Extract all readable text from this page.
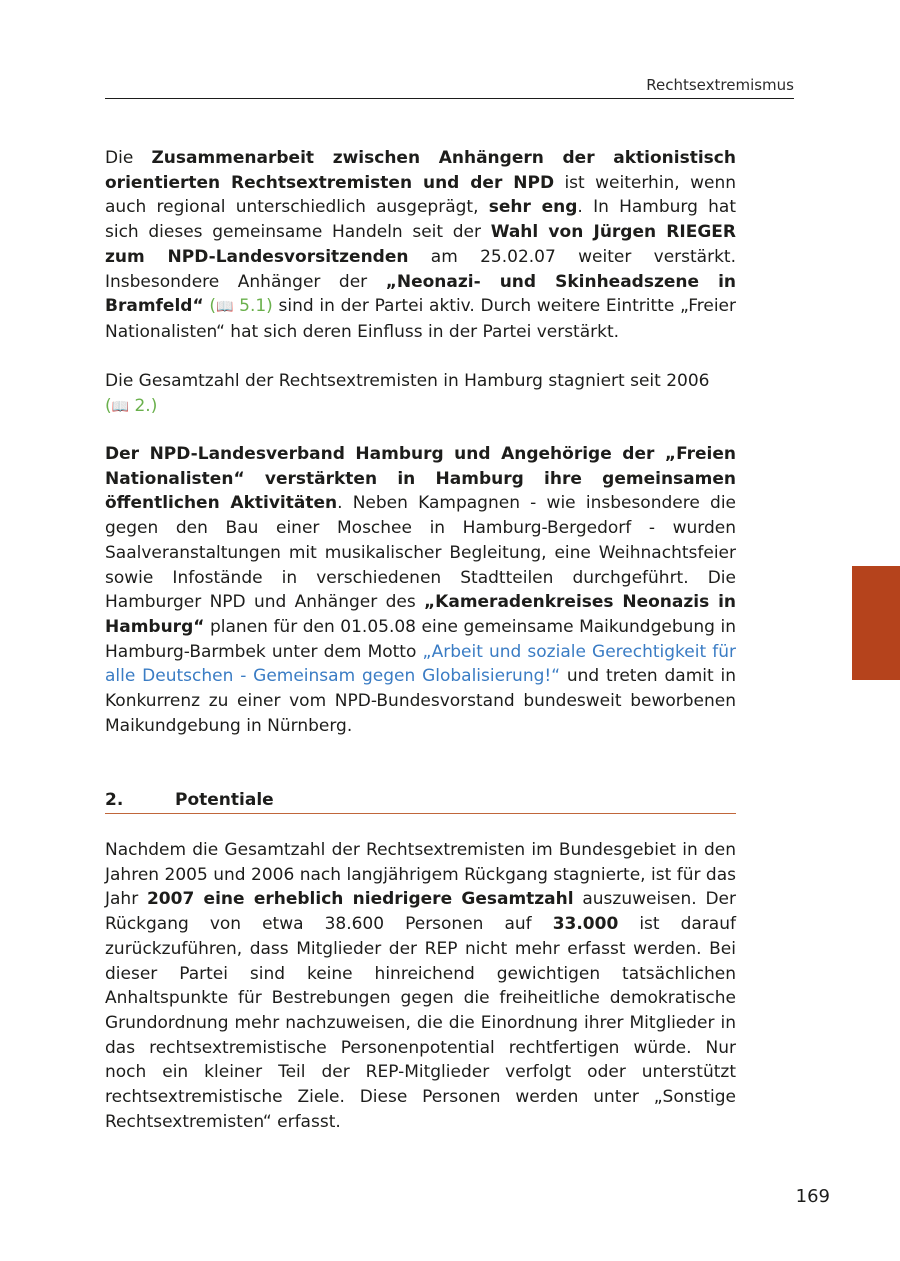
Rechtsextremismus
Die Zusammenarbeit zwischen Anhängern der aktionistisch orientierten Rechtsextremisten und der NPD ist weiterhin, wenn auch regional unterschiedlich ausgeprägt, sehr eng. In Hamburg hat sich dieses gemeinsame Handeln seit der Wahl von Jürgen RIEGER zum NPD-Landesvorsitzenden am 25.02.07 weiter verstärkt. Insbesondere Anhänger der „Neonazi- und Skinheadszene in Bramfeld“ (📖 5.1) sind in der Partei aktiv. Durch weitere Eintritte „Freier Nationalisten“ hat sich deren Einfluss in der Partei verstärkt.
Die Gesamtzahl der Rechtsextremisten in Hamburg stagniert seit 2006
(📖 2.)
Der NPD-Landesverband Hamburg und Angehörige der „Freien Nationalisten“ verstärkten in Hamburg ihre gemeinsamen öffentlichen Aktivitäten. Neben Kampagnen - wie insbesondere die gegen den Bau einer Moschee in Hamburg-Bergedorf - wurden Saalveranstaltungen mit musikalischer Begleitung, eine Weihnachtsfeier sowie Infostände in verschiedenen Stadtteilen durchgeführt. Die Hamburger NPD und Anhänger des „Kameradenkreises Neonazis in Hamburg“ planen für den 01.05.08 eine gemeinsame Maikundgebung in Hamburg-Barmbek unter dem Motto „Arbeit und soziale Gerechtigkeit für alle Deutschen - Gemeinsam gegen Globalisierung!“ und treten damit in Konkurrenz zu einer vom NPD-Bundesvorstand bundesweit beworbenen Maikundgebung in Nürnberg.
2.	Potentiale
Nachdem die Gesamtzahl der Rechtsextremisten im Bundesgebiet in den Jahren 2005 und 2006 nach langjährigem Rückgang stagnierte, ist für das Jahr 2007 eine erheblich niedrigere Gesamtzahl auszuweisen. Der Rückgang von etwa 38.600 Personen auf 33.000 ist darauf zurückzuführen, dass Mitglieder der REP nicht mehr erfasst werden. Bei dieser Partei sind keine hinreichend gewichtigen tatsächlichen Anhaltspunkte für Bestrebungen gegen die freiheitliche demokratische Grundordnung mehr nachzuweisen, die die Einordnung ihrer Mitglieder in das rechtsextremistische Personenpotential rechtfertigen würde. Nur noch ein kleiner Teil der REP-Mitglieder verfolgt oder unterstützt rechtsextremistische Ziele. Diese Personen werden unter „Sonstige Rechtsextremisten“ erfasst.
169
